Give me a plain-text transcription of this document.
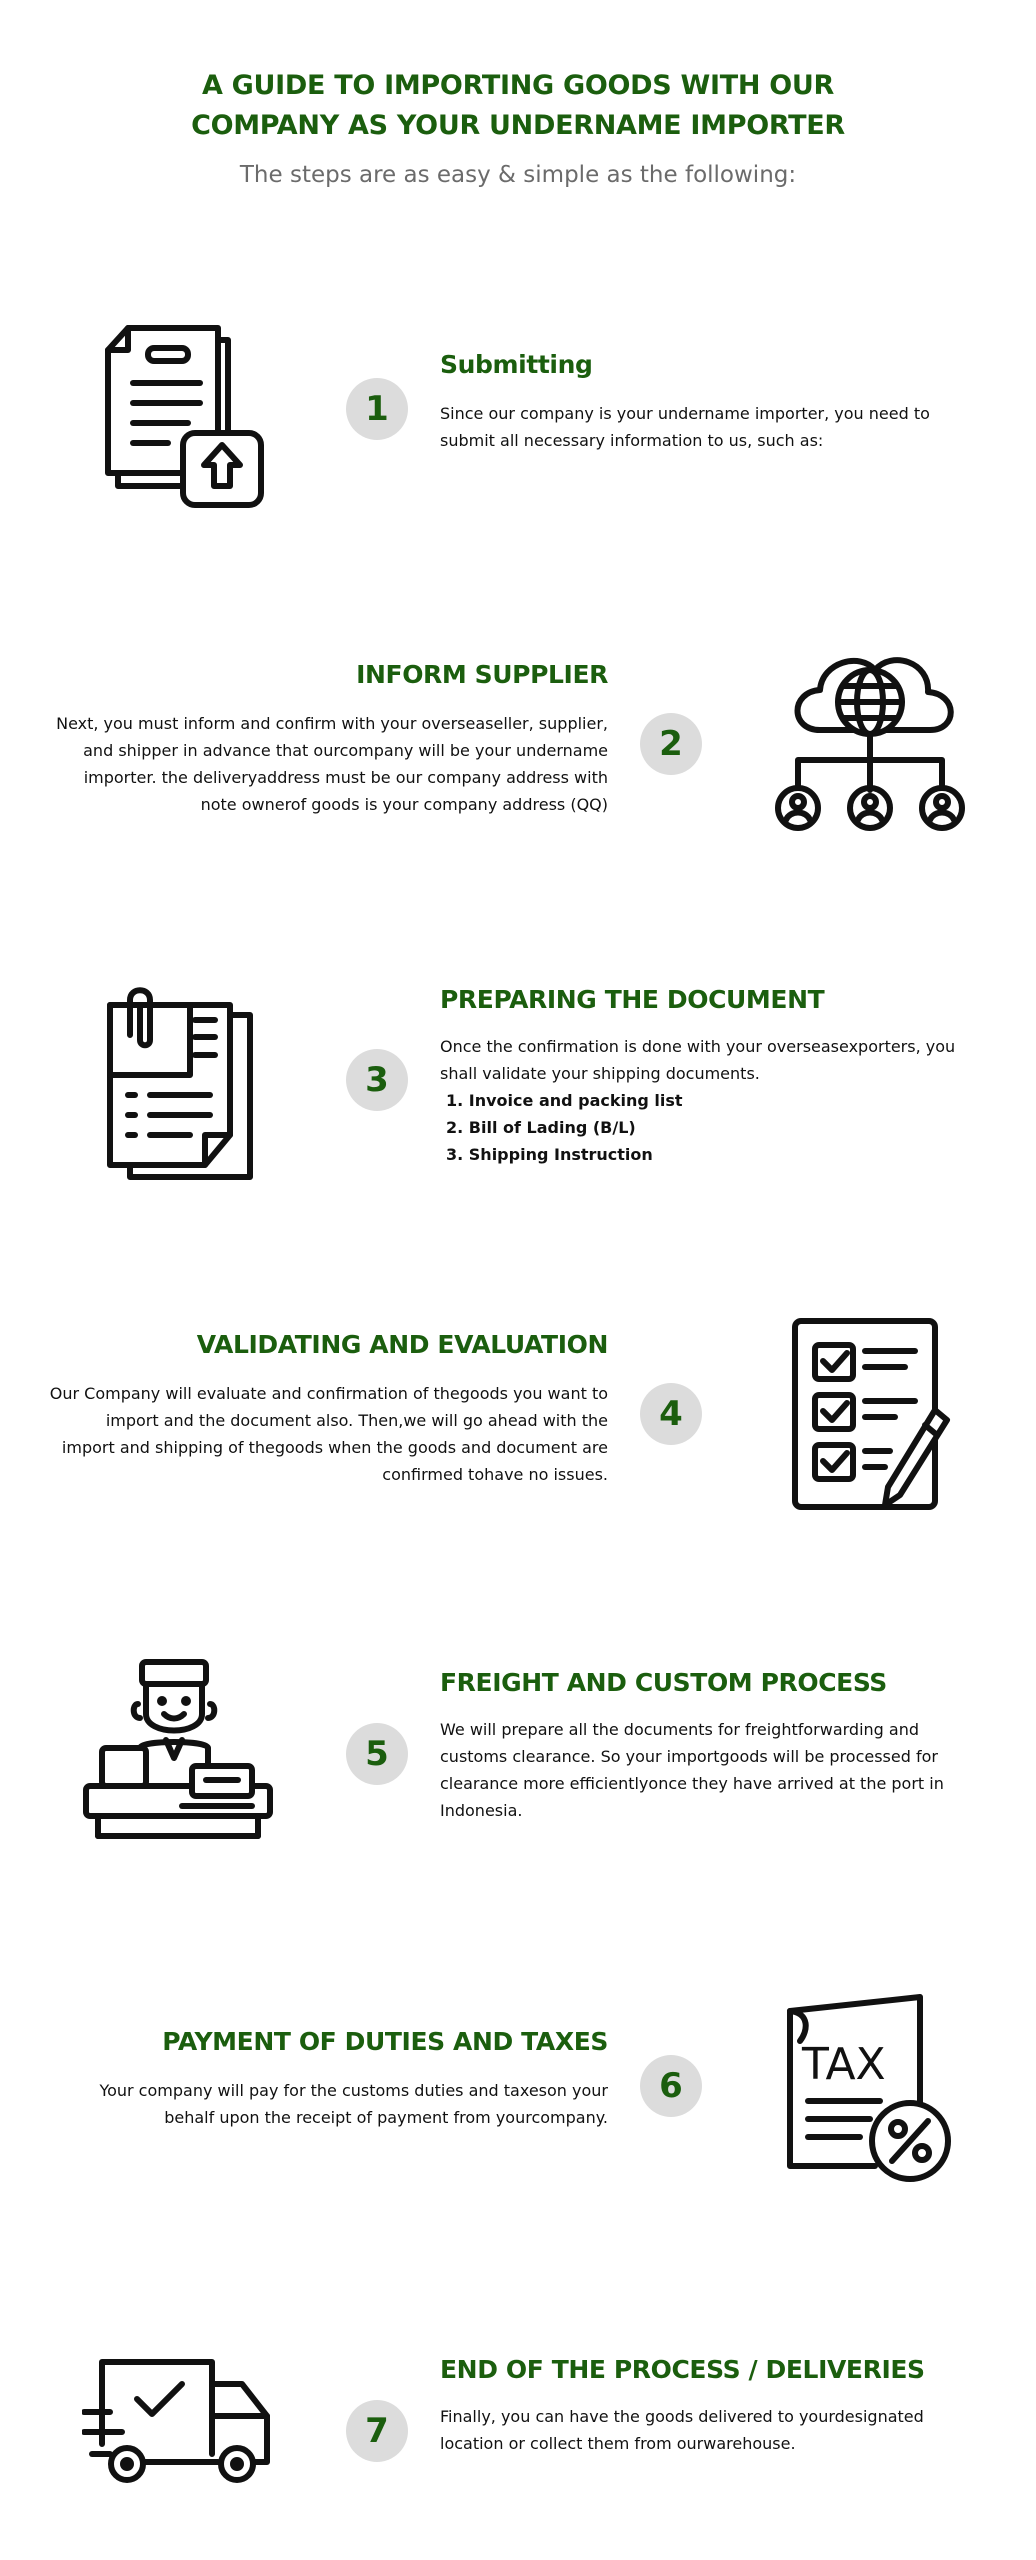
A GUIDE TO IMPORTING GOODS WITH OUR
COMPANY AS YOUR UNDERNAME IMPORTER
The steps are as easy & simple as the following:
1
Submitting
Since our company is your undername importer, you need to submit all necessary information to us, such as:
INFORM SUPPLIER
Next, you must inform and confirm with your overseaseller, supplier, and shipper in advance that ourcompany will be your undername importer. the deliveryaddress must be our company address with note ownerof goods is your company address (QQ)
2
3
PREPARING THE DOCUMENT
Once the confirmation is done with your overseasexporters, you shall validate your shipping documents.
1. Invoice and packing list
2. Bill of Lading (B/L)
3. Shipping Instruction
VALIDATING AND EVALUATION
Our Company will evaluate and confirmation of thegoods you want to import and the document also. Then,we will go ahead with the import and shipping of thegoods when the goods and document are confirmed tohave no issues.
4
5
FREIGHT AND CUSTOM PROCESS
We will prepare all the documents for freightforwarding and customs clearance. So your importgoods will be processed for clearance more efficientlyonce they have arrived at the port in Indonesia.
PAYMENT OF DUTIES AND TAXES
Your company will pay for the customs duties and taxeson your behalf upon the receipt of payment from yourcompany.
6	TAX
7
END OF THE PROCESS / DELIVERIES
Finally, you can have the goods delivered to yourdesignated location or collect them from ourwarehouse.
